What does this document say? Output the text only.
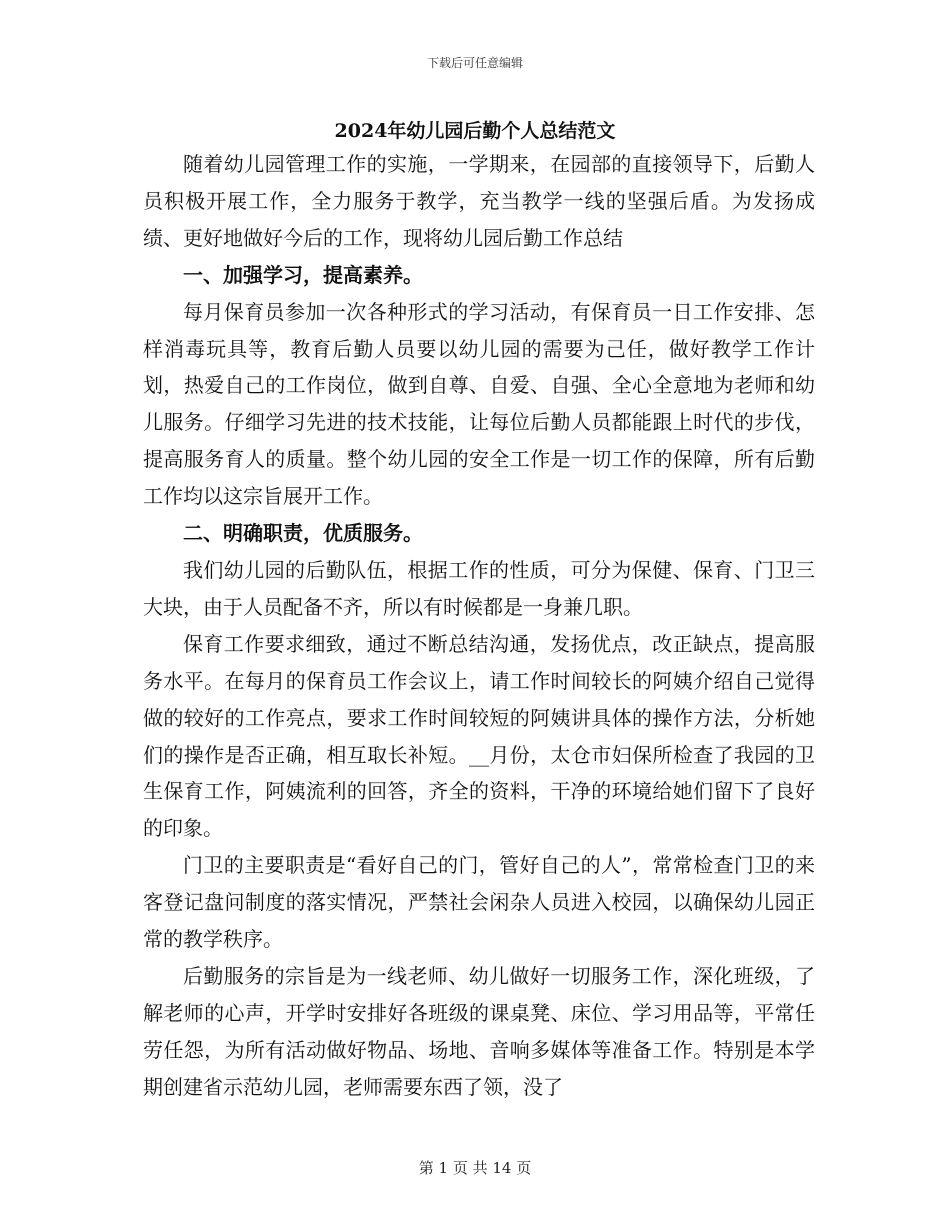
下载后可任意编辑
2024年幼儿园后勤个人总结范文

随着幼儿园管理工作的实施，一学期来，在园部的直接领导下，后勤人员积极开展工作，全力服务于教学，充当教学一线的坚强后盾。为发扬成绩、更好地做好今后的工作，现将幼儿园后勤工作总结

一、加强学习，提高素养。

每月保育员参加一次各种形式的学习活动，有保育员一日工作安排、怎样消毒玩具等，教育后勤人员要以幼儿园的需要为己任，做好教学工作计划，热爱自己的工作岗位，做到自尊、自爱、自强、全心全意地为老师和幼儿服务。仔细学习先进的技术技能，让每位后勤人员都能跟上时代的步伐，提高服务育人的质量。整个幼儿园的安全工作是一切工作的保障，所有后勤工作均以这宗旨展开工作。

二、明确职责，优质服务。

我们幼儿园的后勤队伍，根据工作的性质，可分为保健、保育、门卫三大块，由于人员配备不齐，所以有时候都是一身兼几职。

保育工作要求细致，通过不断总结沟通，发扬优点，改正缺点，提高服务水平。在每月的保育员工作会议上，请工作时间较长的阿姨介绍自己觉得做的较好的工作亮点，要求工作时间较短的阿姨讲具体的操作方法，分析她们的操作是否正确，相互取长补短。__月份，太仓市妇保所检查了我园的卫生保育工作，阿姨流利的回答，齐全的资料，干净的环境给她们留下了良好的印象。

门卫的主要职责是“看好自己的门，管好自己的人”，常常检查门卫的来客登记盘问制度的落实情况，严禁社会闲杂人员进入校园，以确保幼儿园正常的教学秩序。

后勤服务的宗旨是为一线老师、幼儿做好一切服务工作，深化班级，了解老师的心声，开学时安排好各班级的课桌凳、床位、学习用品等，平常任劳任怨，为所有活动做好物品、场地、音响多媒体等准备工作。特别是本学期创建省示范幼儿园，老师需要东西了领，没了

第 1 页 共 14 页
